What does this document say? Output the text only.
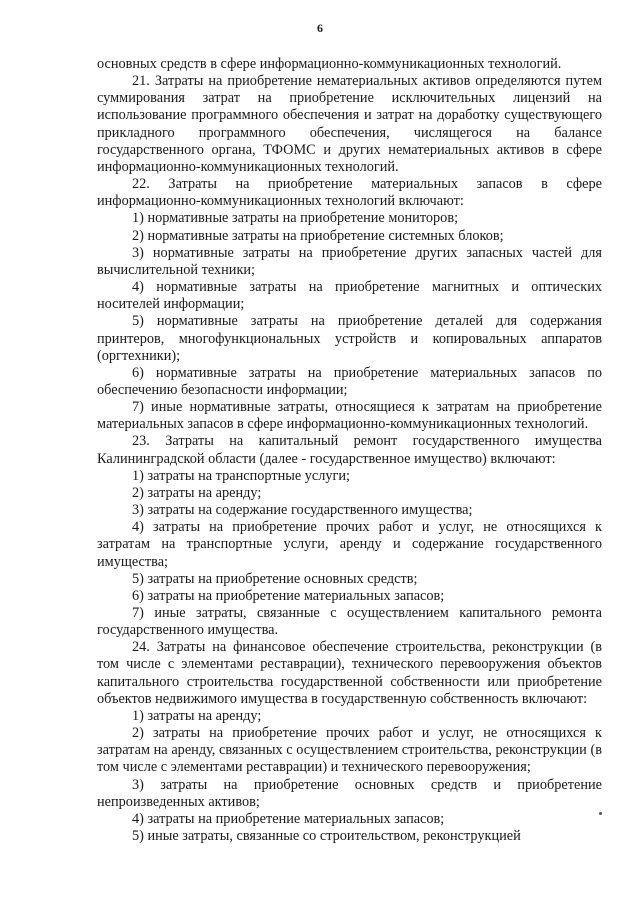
6

основных средств в сфере информационно-коммуникационных технологий.

21. Затраты на приобретение нематериальных активов определяются путем суммирования затрат на приобретение исключительных лицензий на использование программного обеспечения и затрат на доработку существующего прикладного программного обеспечения, числящегося на балансе государственного органа, ТФОМС и других нематериальных активов в сфере информационно-коммуникационных технологий.

22. Затраты на приобретение материальных запасов в сфере информационно-коммуникационных технологий включают:

1) нормативные затраты на приобретение мониторов;

2) нормативные затраты на приобретение системных блоков;

3) нормативные затраты на приобретение других запасных частей для вычислительной техники;

4) нормативные затраты на приобретение магнитных и оптических носителей информации;

5) нормативные затраты на приобретение деталей для содержания принтеров, многофункциональных устройств и копировальных аппаратов (оргтехники);

6) нормативные затраты на приобретение материальных запасов по обеспечению безопасности информации;

7) иные нормативные затраты, относящиеся к затратам на приобретение материальных запасов в сфере информационно-коммуникационных технологий.

23. Затраты на капитальный ремонт государственного имущества Калининградской области (далее - государственное имущество) включают:

1) затраты на транспортные услуги;

2) затраты на аренду;

3) затраты на содержание государственного имущества;

4) затраты на приобретение прочих работ и услуг, не относящихся к затратам на транспортные услуги, аренду и содержание государственного имущества;

5) затраты на приобретение основных средств;

6) затраты на приобретение материальных запасов;

7) иные затраты, связанные с осуществлением капитального ремонта государственного имущества.

24. Затраты на финансовое обеспечение строительства, реконструкции (в том числе с элементами реставрации), технического перевооружения объектов капитального строительства государственной собственности или приобретение объектов недвижимого имущества в государственную собственность включают:

1) затраты на аренду;

2) затраты на приобретение прочих работ и услуг, не относящихся к затратам на аренду, связанных с осуществлением строительства, реконструкции (в том числе с элементами реставрации) и технического перевооружения;

3) затраты на приобретение основных средств и приобретение непроизведенных активов;

4) затраты на приобретение материальных запасов;

5) иные затраты, связанные со строительством, реконструкцией
